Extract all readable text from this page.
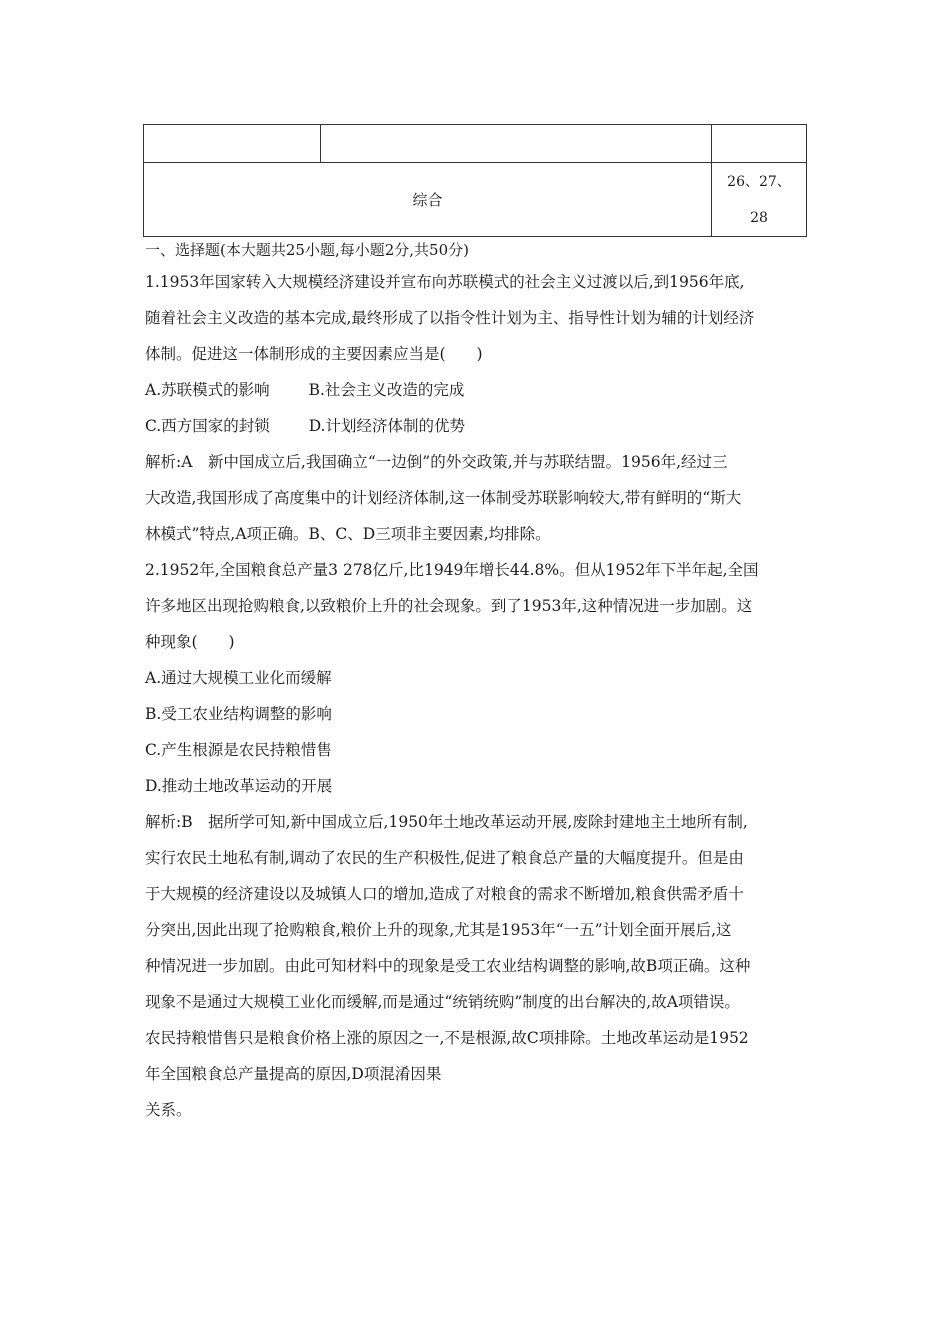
综合		26、27、
28
一、选择题(本大题共25小题,每小题2分,共50分)
1.1953年国家转入大规模经济建设并宣布向苏联模式的社会主义过渡以后,到1956年底,
随着社会主义改造的基本完成,最终形成了以指令性计划为主、指导性计划为辅的计划经济
体制。促进这一体制形成的主要因素应当是(　　)
A.苏联模式的影响	B.社会主义改造的完成
C.西方国家的封锁	D.计划经济体制的优势
解析:A　新中国成立后,我国确立“一边倒”的外交政策,并与苏联结盟。1956年,经过三
大改造,我国形成了高度集中的计划经济体制,这一体制受苏联影响较大,带有鲜明的“斯大
林模式”特点,A项正确。B、C、D三项非主要因素,均排除。
2.1952年,全国粮食总产量3 278亿斤,比1949年增长44.8%。但从1952年下半年起,全国
许多地区出现抢购粮食,以致粮价上升的社会现象。到了1953年,这种情况进一步加剧。这
种现象(　　)
A.通过大规模工业化而缓解
B.受工农业结构调整的影响
C.产生根源是农民持粮惜售
D.推动土地改革运动的开展
解析:B　据所学可知,新中国成立后,1950年土地改革运动开展,废除封建地主土地所有制,
实行农民土地私有制,调动了农民的生产积极性,促进了粮食总产量的大幅度提升。但是由
于大规模的经济建设以及城镇人口的增加,造成了对粮食的需求不断增加,粮食供需矛盾十
分突出,因此出现了抢购粮食,粮价上升的现象,尤其是1953年“一五”计划全面开展后,这
种情况进一步加剧。由此可知材料中的现象是受工农业结构调整的影响,故B项正确。这种
现象不是通过大规模工业化而缓解,而是通过“统销统购”制度的出台解决的,故A项错误。
农民持粮惜售只是粮食价格上涨的原因之一,不是根源,故C项排除。土地改革运动是1952
年全国粮食总产量提高的原因,D项混淆因果
关系。
